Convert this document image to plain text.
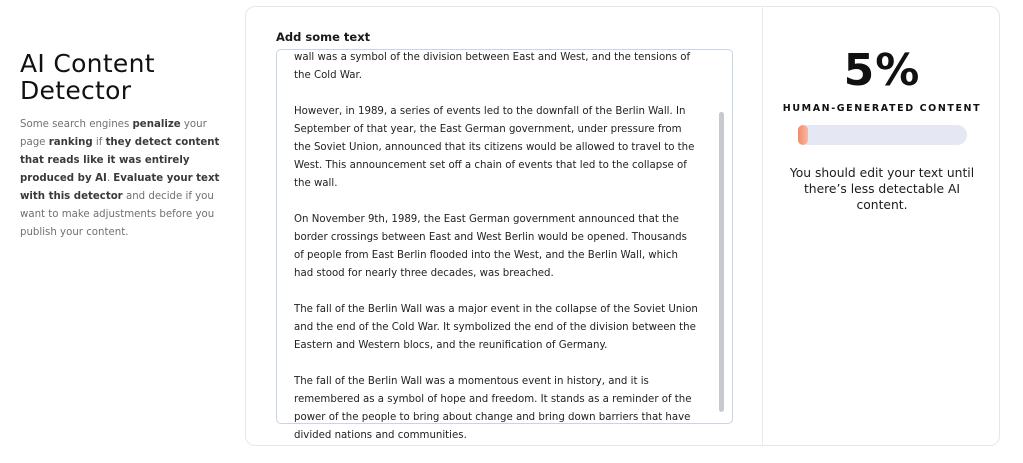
AI Content Detector

Some search engines penalize your page ranking if they detect content that reads like it was entirely produced by AI. Evaluate your text with this detector and decide if you want to make adjustments before you publish your content.

Add some text

wall was a symbol of the division between East and West, and the tensions of the Cold War.

However, in 1989, a series of events led to the downfall of the Berlin Wall. In September of that year, the East German government, under pressure from the Soviet Union, announced that its citizens would be allowed to travel to the West. This announcement set off a chain of events that led to the collapse of the wall.

On November 9th, 1989, the East German government announced that the border crossings between East and West Berlin would be opened. Thousands of people from East Berlin flooded into the West, and the Berlin Wall, which had stood for nearly three decades, was breached.

The fall of the Berlin Wall was a major event in the collapse of the Soviet Union and the end of the Cold War. It symbolized the end of the division between the Eastern and Western blocs, and the reunification of Germany.

The fall of the Berlin Wall was a momentous event in history, and it is remembered as a symbol of hope and freedom. It stands as a reminder of the power of the people to bring about change and bring down barriers that have divided nations and communities.

5%
HUMAN-GENERATED CONTENT
You should edit your text until there’s less detectable AI content.
